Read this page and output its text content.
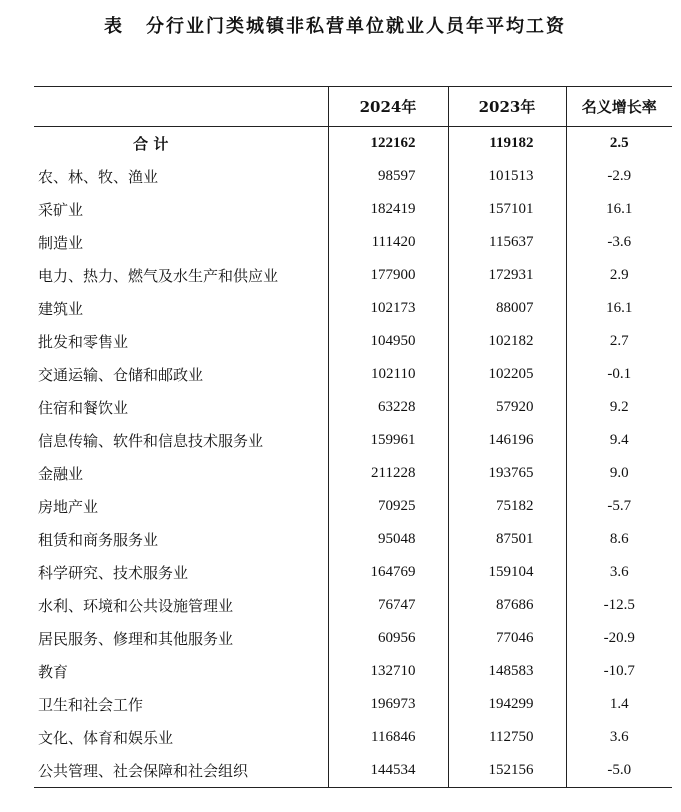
表 分行业门类城镇非私营单位就业人员年平均工资
	2024年	2023年	名义增长率
合 计	122162	119182	2.5
农、林、牧、渔业	98597	101513	-2.9
采矿业	182419	157101	16.1
制造业	111420	115637	-3.6
电力、热力、燃气及水生产和供应业	177900	172931	2.9
建筑业	102173	88007	16.1
批发和零售业	104950	102182	2.7
交通运输、仓储和邮政业	102110	102205	-0.1
住宿和餐饮业	63228	57920	9.2
信息传输、软件和信息技术服务业	159961	146196	9.4
金融业	211228	193765	9.0
房地产业	70925	75182	-5.7
租赁和商务服务业	95048	87501	8.6
科学研究、技术服务业	164769	159104	3.6
水利、环境和公共设施管理业	76747	87686	-12.5
居民服务、修理和其他服务业	60956	77046	-20.9
教育	132710	148583	-10.7
卫生和社会工作	196973	194299	1.4
文化、体育和娱乐业	116846	112750	3.6
公共管理、社会保障和社会组织	144534	152156	-5.0
